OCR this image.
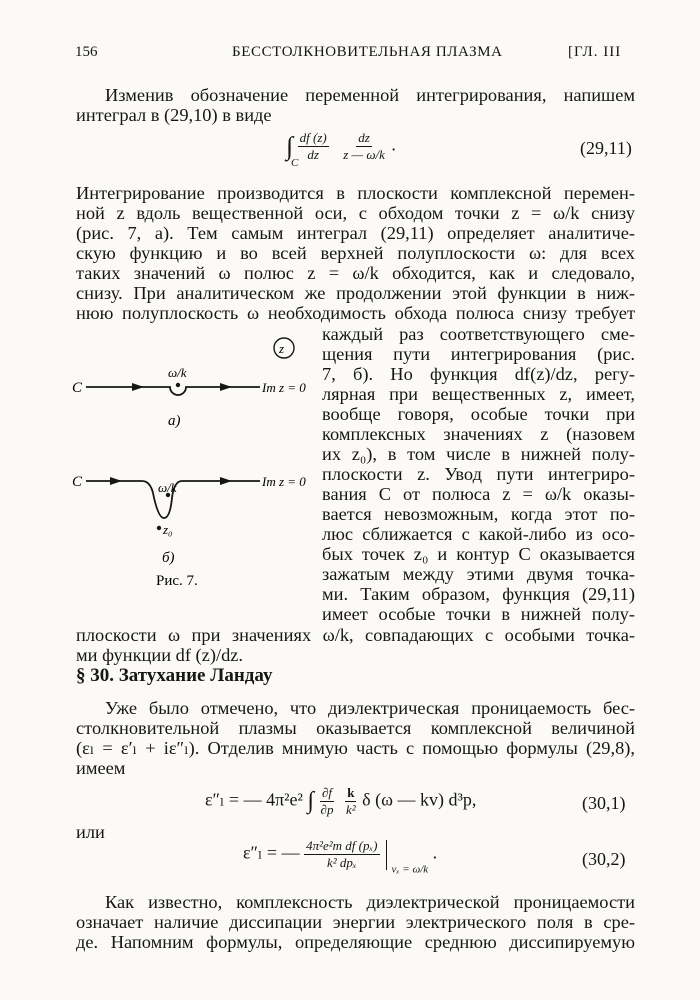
156	БЕССТОЛКНОВИТЕЛЬНАЯ ПЛАЗМА	[ГЛ. III
Изменив обозначение переменной интегрирования, напишем
интеграл в (29,10) в виде
∫ $\frac{df (z)}{dz}$
$\frac{dz}{z — \omega/k}$ .
C
(29,11)
Интегрирование производится в плоскости комплексной перемен-
ной z вдоль вещественной оси, с обходом точки z = ω/k снизу
(рис. 7, а). Тем самым интеграл (29,11) определяет аналитиче-
скую функцию и во всей верхней полуплоскости ω: для всех
таких значений ω полюс z = ω/k обходится, как и следовало,
снизу. При аналитическом же продолжении этой функции в ниж-
нюю полуплоскость ω необходимость обхода полюса снизу требует
каждый раз соответствующего сме-
щения пути интегрирования (рис.
7, б). Но функция df(z)/dz, регу-
лярная при вещественных z, имеет,
вообще говоря, особые точки при
комплексных значениях z (назовем
их z₀), в том числе в нижней полу-
плоскости z. Увод пути интегриро-
вания C от полюса z = ω/k оказы-
вается невозможным, когда этот по-
люс сближается с какой-либо из осо-
бых точек z₀ и контур C оказывается
зажатым между этими двумя точка-
ми. Таким образом, функция (29,11)
имеет особые точки в нижней полу-
z
C
ω/k
Im z = 0
а)
C	ω/k	Im z = 0
z₀
б)
Рис. 7.
плоскости ω при значениях ω/k, совпадающих с особыми точка-
ми функции df (z)/dz.
§ 30. Затухание Ландау
Уже было отмечено, что диэлектрическая проницаемость бес-
столкновительной плазмы оказывается комплексной величиной
(εₗ = ε′ₗ + iε″ₗ). Отделив мнимую часть с помощью формулы (29,8),
имеем
ε″ₗ = — 4π²e² ∫ $\frac{\partial f}{\partial p}$
$\frac{k}{\text{k²}}$ δ (ω — kv) d³p,	(30,1)
или
ε″ₗ = — $\frac{\text{4π²e²m df (pₓ)}}{\text{k² dpₓ}} _{v_x = \omega/k}$ .	(30,2)
Как известно, комплексность диэлектрической проницаемости
означает наличие диссипации энергии электрического поля в сре-
де. Напомним формулы, определяющие среднюю диссипируемую
